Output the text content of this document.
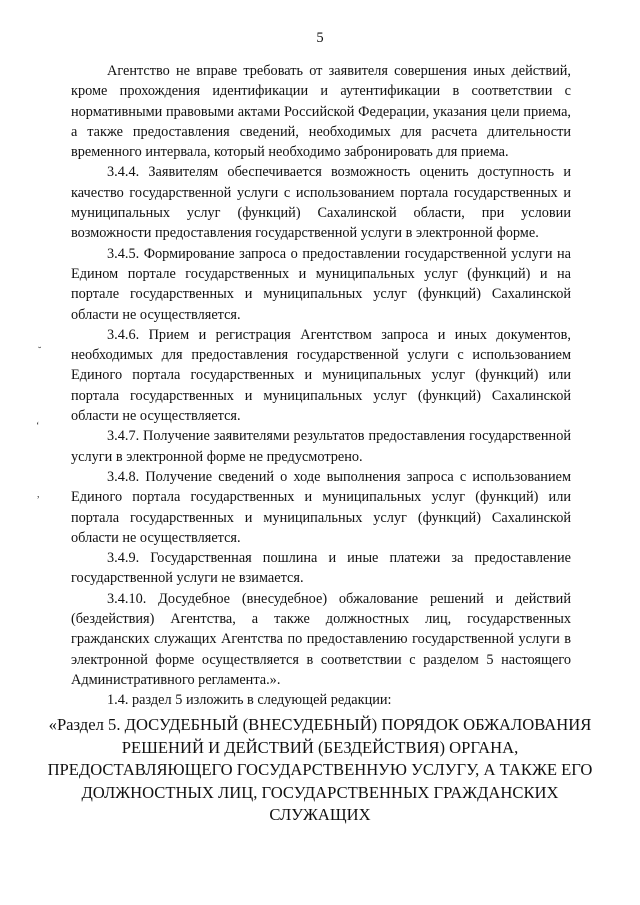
5

Агентство не вправе требовать от заявителя совершения иных действий, кроме прохождения идентификации и аутентификации в соответствии с нормативными правовыми актами Российской Федерации, указания цели приема, а также предоставления сведений, необходимых для расчета длительности временного интервала, который необходимо забронировать для приема.

3.4.4. Заявителям обеспечивается возможность оценить доступность и качество государственной услуги с использованием портала государственных и муниципальных услуг (функций) Сахалинской области, при условии возможности предоставления государственной услуги в электронной форме.

3.4.5. Формирование запроса о предоставлении государственной услуги на Едином портале государственных и муниципальных услуг (функций) и на портале государственных и муниципальных услуг (функций) Сахалинской области не осуществляется.

3.4.6. Прием и регистрация Агентством запроса и иных документов, необходимых для предоставления государственной услуги с использованием Единого портала государственных и муниципальных услуг (функций) или портала государственных и муниципальных услуг (функций) Сахалинской области не осуществляется.

3.4.7. Получение заявителями результатов предоставления государственной услуги в электронной форме не предусмотрено.

3.4.8. Получение сведений о ходе выполнения запроса с использованием Единого портала государственных и муниципальных услуг (функций) или портала государственных и муниципальных услуг (функций) Сахалинской области не осуществляется.

3.4.9. Государственная пошлина и иные платежи за предоставление государственной услуги не взимается.

3.4.10. Досудебное (внесудебное) обжалование решений и действий (бездействия) Агентства, а также должностных лиц, государственных гражданских служащих Агентства по предоставлению государственной услуги в электронной форме осуществляется в соответствии с разделом 5 настоящего Административного регламента.».

1.4. раздел 5 изложить в следующей редакции:

«Раздел 5. ДОСУДЕБНЫЙ (ВНЕСУДЕБНЫЙ) ПОРЯДОК ОБЖАЛОВАНИЯ РЕШЕНИЙ И ДЕЙСТВИЙ (БЕЗДЕЙСТВИЯ) ОРГАНА, ПРЕДОСТАВЛЯЮЩЕГО ГОСУДАРСТВЕННУЮ УСЛУГУ, А ТАКЖЕ ЕГО ДОЛЖНОСТНЫХ ЛИЦ, ГОСУДАРСТВЕННЫХ ГРАЖДАНСКИХ СЛУЖАЩИХ
˘
‘
,
